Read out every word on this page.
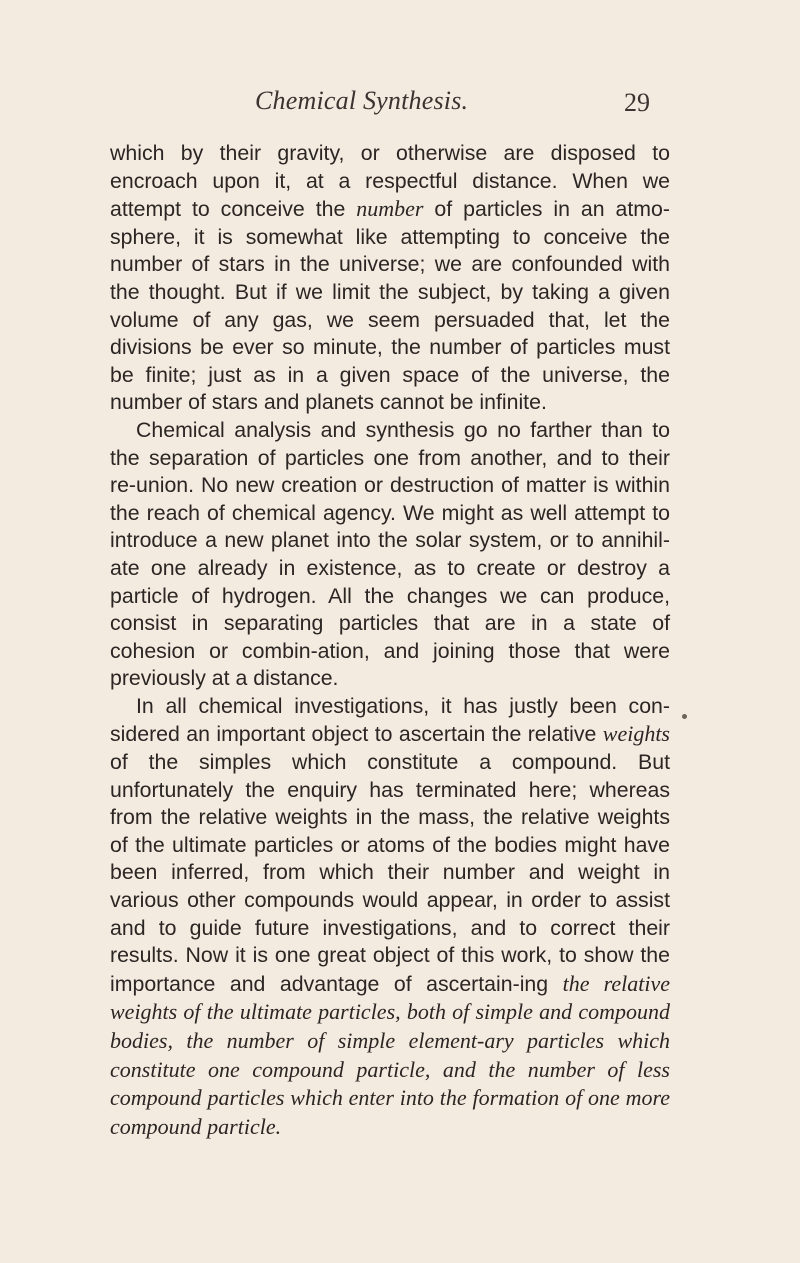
Chemical Synthesis.	29

which by their gravity, or otherwise are disposed to encroach upon it, at a respectful distance. When we attempt to conceive the number of particles in an atmo-sphere, it is somewhat like attempting to conceive the number of stars in the universe; we are confounded with the thought. But if we limit the subject, by taking a given volume of any gas, we seem persuaded that, let the divisions be ever so minute, the number of particles must be finite; just as in a given space of the universe, the number of stars and planets cannot be infinite.

Chemical analysis and synthesis go no farther than to the separation of particles one from another, and to their re-union. No new creation or destruction of matter is within the reach of chemical agency. We might as well attempt to introduce a new planet into the solar system, or to annihil-ate one already in existence, as to create or destroy a particle of hydrogen. All the changes we can produce, consist in separating particles that are in a state of cohesion or combin-ation, and joining those that were previously at a distance.

In all chemical investigations, it has justly been con-sidered an important object to ascertain the relative weights of the simples which constitute a compound. But unfortunately the enquiry has terminated here; whereas from the relative weights in the mass, the relative weights of the ultimate particles or atoms of the bodies might have been inferred, from which their number and weight in various other compounds would appear, in order to assist and to guide future investigations, and to correct their results. Now it is one great object of this work, to show the importance and advantage of ascertain-ing the relative weights of the ultimate particles, both of simple and compound bodies, the number of simple element-ary particles which constitute one compound particle, and the number of less compound particles which enter into the formation of one more compound particle.
